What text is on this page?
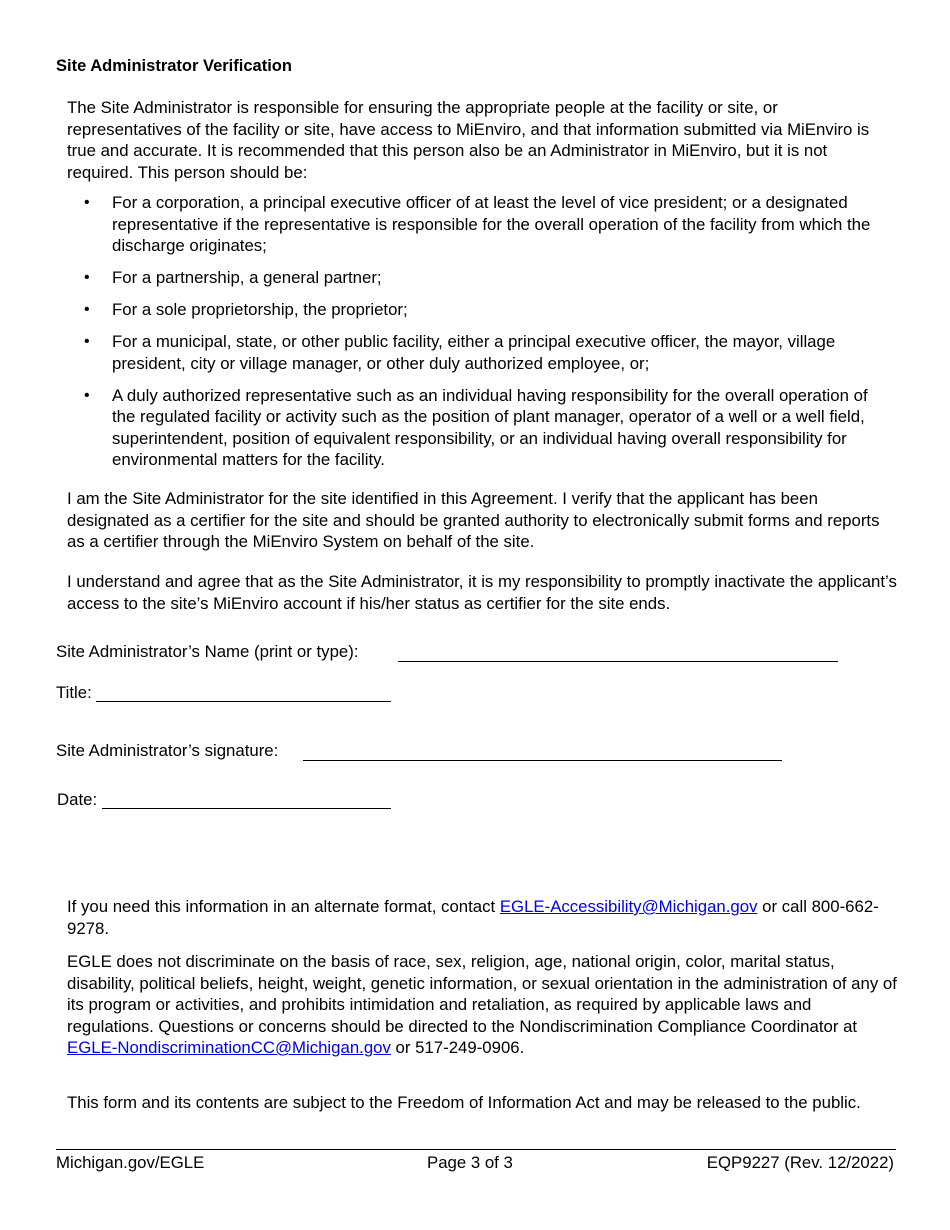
Site Administrator Verification

The Site Administrator is responsible for ensuring the appropriate people at the facility or site, or representatives of the facility or site, have access to MiEnviro, and that information submitted via MiEnviro is true and accurate. It is recommended that this person also be an Administrator in MiEnviro, but it is not required. This person should be:

• For a corporation, a principal executive officer of at least the level of vice president; or a designated representative if the representative is responsible for the overall operation of the facility from which the discharge originates;
• For a partnership, a general partner;
• For a sole proprietorship, the proprietor;
• For a municipal, state, or other public facility, either a principal executive officer, the mayor, village president, city or village manager, or other duly authorized employee, or;
• A duly authorized representative such as an individual having responsibility for the overall operation of the regulated facility or activity such as the position of plant manager, operator of a well or a well field, superintendent, position of equivalent responsibility, or an individual having overall responsibility for environmental matters for the facility.

I am the Site Administrator for the site identified in this Agreement. I verify that the applicant has been designated as a certifier for the site and should be granted authority to electronically submit forms and reports as a certifier through the MiEnviro System on behalf of the site.

I understand and agree that as the Site Administrator, it is my responsibility to promptly inactivate the applicant’s access to the site’s MiEnviro account if his/her status as certifier for the site ends.

Site Administrator’s Name (print or type):
Title:
Site Administrator’s signature:
Date:

If you need this information in an alternate format, contact EGLE-Accessibility@Michigan.gov or call 800-662-9278.

EGLE does not discriminate on the basis of race, sex, religion, age, national origin, color, marital status, disability, political beliefs, height, weight, genetic information, or sexual orientation in the administration of any of its program or activities, and prohibits intimidation and retaliation, as required by applicable laws and regulations. Questions or concerns should be directed to the Nondiscrimination Compliance Coordinator at EGLE-NondiscriminationCC@Michigan.gov or 517-249-0906.

This form and its contents are subject to the Freedom of Information Act and may be released to the public.

Michigan.gov/EGLE	Page 3 of 3	EQP9227 (Rev. 12/2022)
